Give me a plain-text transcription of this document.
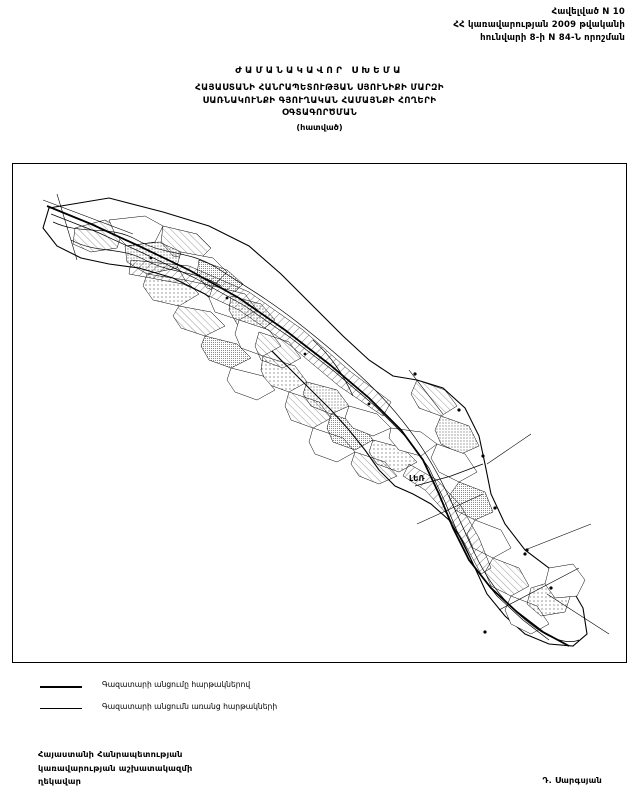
Հավելված N 10
ՀՀ կառավարության 2009 թվականի
հունվարի 8-ի N 84-Ն որոշման
ԺԱՄԱՆԱԿԱՎՈՐ ՍԽԵՄԱ
ՀԱՅԱՍՏԱՆԻ ՀԱՆՐԱՊԵՏՈՒԹՅԱՆ ՍՅՈՒՆԻՔԻ ՄԱՐԶԻ
ՍԱՌՆԱԿՈՒՆՔԻ ԳՅՈՒՂԱԿԱՆ ՀԱՄԱՅՆՔԻ ՀՈՂԵՐԻ
ՕԳՏԱԳՈՐԾՄԱՆ
(հատված)
ԼԵՌ
Գազատարի անցումը հարթակներով
Գազատարի անցումն առանց հարթակների
Հայաստանի Հանրապետության
կառավարության աշխատակազմի
ղեկավար	Դ. Սարգսյան
